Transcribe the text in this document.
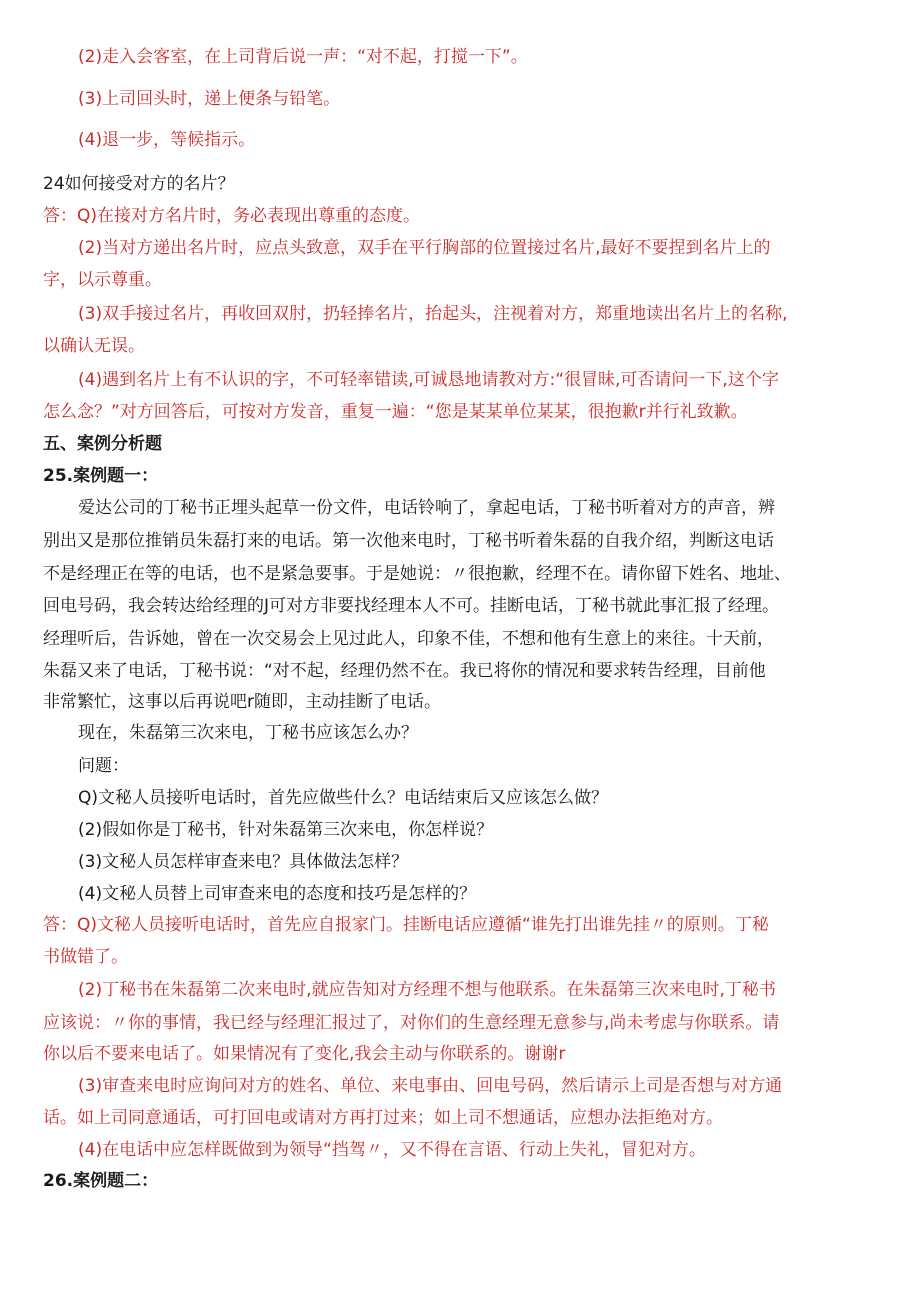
(2)走入会客室，在上司背后说一声：“对不起，打搅一下”。
(3)上司回头时，递上便条与铅笔。
(4)退一步，等候指示。
24如何接受对方的名片？
答：Q)在接对方名片时，务必表现出尊重的态度。
(2)当对方递出名片时，应点头致意，双手在平行胸部的位置接过名片,最好不要捏到名片上的
字，以示尊重。
(3)双手接过名片，再收回双肘，扔轻捧名片，抬起头，注视着对方，郑重地读出名片上的名称,
以确认无误。
(4)遇到名片上有不认识的字，不可轻率错读,可诚恳地请教对方:“很冒昧,可否请问一下,这个字
怎么念？”对方回答后，可按对方发音，重复一遍：“您是某某单位某某，很抱歉r并行礼致歉。
五、案例分析题
25.案例题一：
爱达公司的丁秘书正埋头起草一份文件，电话铃响了，拿起电话，丁秘书听着对方的声音，辨
别出又是那位推销员朱磊打来的电话。第一次他来电时，丁秘书听着朱磊的自我介绍，判断这电话
不是经理正在等的电话，也不是紧急要事。于是她说：〃很抱歉，经理不在。请你留下姓名、地址、
回电号码，我会转达给经理的J可对方非要找经理本人不可。挂断电话，丁秘书就此事汇报了经理。
经理听后，告诉她，曾在一次交易会上见过此人，印象不佳，不想和他有生意上的来往。十天前，
朱磊又来了电话，丁秘书说：“对不起，经理仍然不在。我已将你的情况和要求转告经理，目前他
非常繁忙，这事以后再说吧r随即，主动挂断了电话。
现在，朱磊第三次来电，丁秘书应该怎么办？
问题：
Q)文秘人员接听电话时，首先应做些什么？电话结束后又应该怎么做？
(2)假如你是丁秘书，针对朱磊第三次来电，你怎样说？
(3)文秘人员怎样审查来电？具体做法怎样？
(4)文秘人员替上司审查来电的态度和技巧是怎样的？
答：Q)文秘人员接听电话时，首先应自报家门。挂断电话应遵循“谁先打出谁先挂〃的原则。丁秘
书做错了。
(2)丁秘书在朱磊第二次来电时,就应告知对方经理不想与他联系。在朱磊第三次来电时,丁秘书
应该说：〃你的事情，我已经与经理汇报过了，对你们的生意经理无意参与,尚未考虑与你联系。请
你以后不要来电话了。如果情况有了变化,我会主动与你联系的。谢谢r
(3)审查来电时应询问对方的姓名、单位、来电事由、回电号码，然后请示上司是否想与对方通
话。如上司同意通话，可打回电或请对方再打过来；如上司不想通话，应想办法拒绝对方。
(4)在电话中应怎样既做到为领导“挡驾〃，又不得在言语、行动上失礼，冒犯对方。
26.案例题二：
